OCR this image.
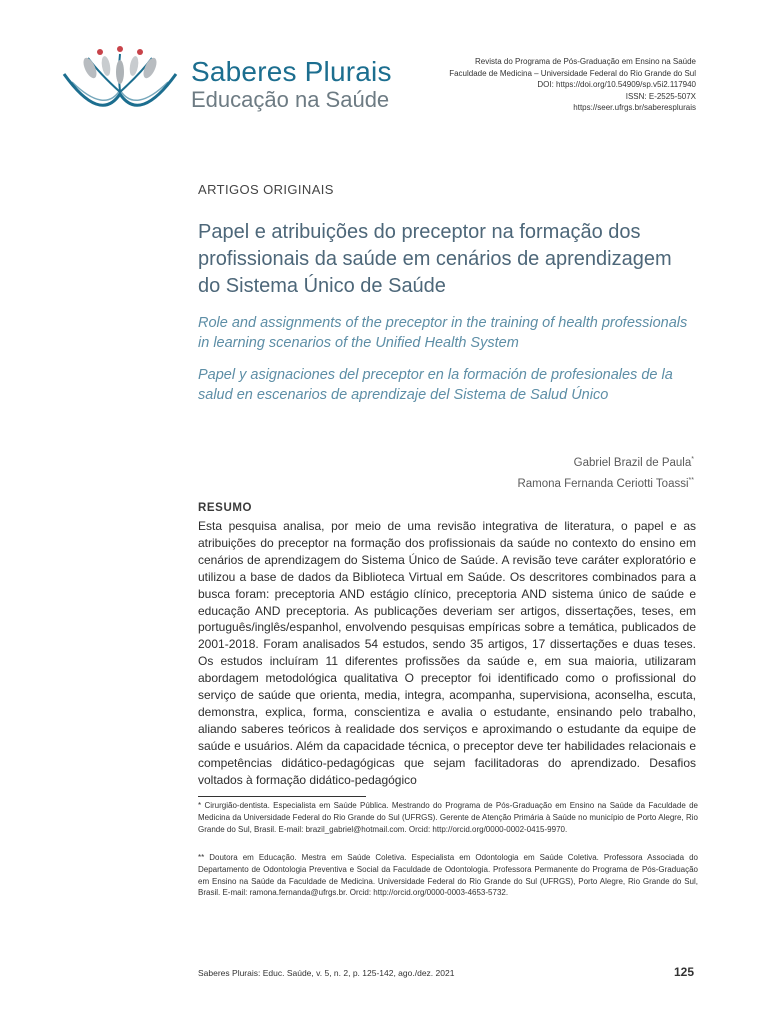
Saberes Plurais
Educação na Saúde
Revista do Programa de Pós-Graduação em Ensino na Saúde
Faculdade de Medicina – Universidade Federal do Rio Grande do Sul
DOI: https://doi.org/10.54909/sp.v5i2.117940
ISSN: E-2525-507X
https://seer.ufrgs.br/saberesplurais
ARTIGOS ORIGINAIS
Papel e atribuições do preceptor na formação dos profissionais da saúde em cenários de aprendizagem do Sistema Único de Saúde
Role and assignments of the preceptor in the training of health professionals in learning scenarios of the Unified Health System
Papel y asignaciones del preceptor en la formación de profesionales de la salud en escenarios de aprendizaje del Sistema de Salud Único
Gabriel Brazil de Paula*
Ramona Fernanda Ceriotti Toassi**
RESUMO

Esta pesquisa analisa, por meio de uma revisão integrativa de literatura, o papel e as atribuições do preceptor na formação dos profissionais da saúde no contexto do ensino em cenários de aprendizagem do Sistema Único de Saúde. A revisão teve caráter exploratório e utilizou a base de dados da Biblioteca Virtual em Saúde. Os descritores combinados para a busca foram: preceptoria AND estágio clínico, preceptoria AND sistema único de saúde e educação AND preceptoria. As publicações deveriam ser artigos, dissertações, teses, em português/inglês/espanhol, envolvendo pesquisas empíricas sobre a temática, publicados de 2001-2018. Foram analisados 54 estudos, sendo 35 artigos, 17 dissertações e duas teses. Os estudos incluíram 11 diferentes profissões da saúde e, em sua maioria, utilizaram abordagem metodológica qualitativa O preceptor foi identificado como o profissional do serviço de saúde que orienta, media, integra, acompanha, supervisiona, aconselha, escuta, demonstra, explica, forma, conscientiza e avalia o estudante, ensinando pelo trabalho, aliando saberes teóricos à realidade dos serviços e aproximando o estudante da equipe de saúde e usuários. Além da capacidade técnica, o preceptor deve ter habilidades relacionais e competências didático-pedagógicas que sejam facilitadoras do aprendizado. Desafios voltados à formação didático-pedagógico

* Cirurgião-dentista. Especialista em Saúde Pública. Mestrando do Programa de Pós-Graduação em Ensino na Saúde da Faculdade de Medicina da Universidade Federal do Rio Grande do Sul (UFRGS). Gerente de Atenção Primária à Saúde no município de Porto Alegre, Rio Grande do Sul, Brasil. E-mail: brazil_gabriel@hotmail.com. Orcid: http://orcid.org/0000-0002-0415-9970.

** Doutora em Educação. Mestra em Saúde Coletiva. Especialista em Odontologia em Saúde Coletiva. Professora Associada do Departamento de Odontologia Preventiva e Social da Faculdade de Odontologia. Professora Permanente do Programa de Pós-Graduação em Ensino na Saúde da Faculdade de Medicina. Universidade Federal do Rio Grande do Sul (UFRGS), Porto Alegre, Rio Grande do Sul, Brasil. E-mail: ramona.fernanda@ufrgs.br. Orcid: http://orcid.org/0000-0003-4653-5732.

Saberes Plurais: Educ. Saúde, v. 5, n. 2, p. 125-142, ago./dez. 2021	125
